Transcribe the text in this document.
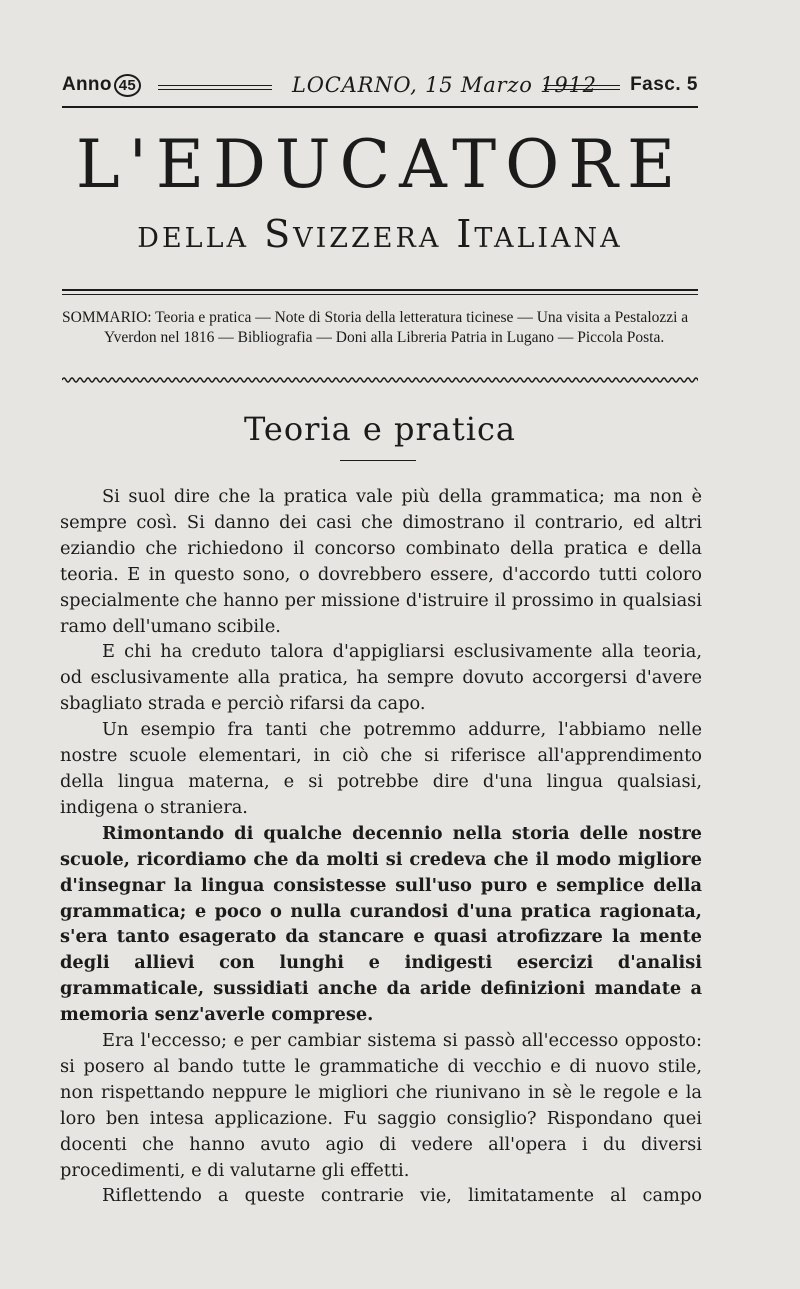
Anno 45	LOCARNO, 15 Marzo 1912 Fasc. 5
L'EDUCATORE
della Svizzera Italiana

SOMMARIO: Teoria e pratica — Note di Storia della letteratura ticinese — Una visita a Pestalozzi a Yverdon nel 1816 — Bibliografia — Doni alla Libreria Patria in Lugano — Piccola Posta.

Teoria e pratica

Si suol dire che la pratica vale più della grammatica; ma non è sempre così. Si danno dei casi che dimostrano il contrario, ed altri eziandio che richiedono il concorso combinato della pratica e della teoria. E in questo sono, o dovrebbero essere, d'accordo tutti coloro specialmente che hanno per missione d'istruire il prossimo in qualsiasi ramo dell'umano scibile.

E chi ha creduto talora d'appigliarsi esclusivamente alla teoria, od esclusivamente alla pratica, ha sempre dovuto accorgersi d'avere sbagliato strada e perciò rifarsi da capo.

Un esempio fra tanti che potremmo addurre, l'abbiamo nelle nostre scuole elementari, in ciò che si riferisce all'apprendimento della lingua materna, e si potrebbe dire d'una lingua qualsiasi, indigena o straniera.

Rimontando di qualche decennio nella storia delle nostre scuole, ricordiamo che da molti si credeva che il modo migliore d'insegnar la lingua consistesse sull'uso puro e semplice della grammatica; e poco o nulla curandosi d'una pratica ragionata, s'era tanto esagerato da stancare e quasi atrofizzare la mente degli allievi con lunghi e indigesti esercizi d'analisi grammaticale, sussidiati anche da aride definizioni mandate a memoria senz'averle comprese.

Era l'eccesso; e per cambiar sistema si passò all'eccesso opposto: si posero al bando tutte le grammatiche di vecchio e di nuovo stile, non rispettando neppure le migliori che riunivano in sè le regole e la loro ben intesa applicazione. Fu saggio consiglio? Rispondano quei docenti che hanno avuto agio di vedere all'opera i du diversi procedimenti, e di valutarne gli effetti.

Riflettendo a queste contrarie vie, limitatamente al campo
